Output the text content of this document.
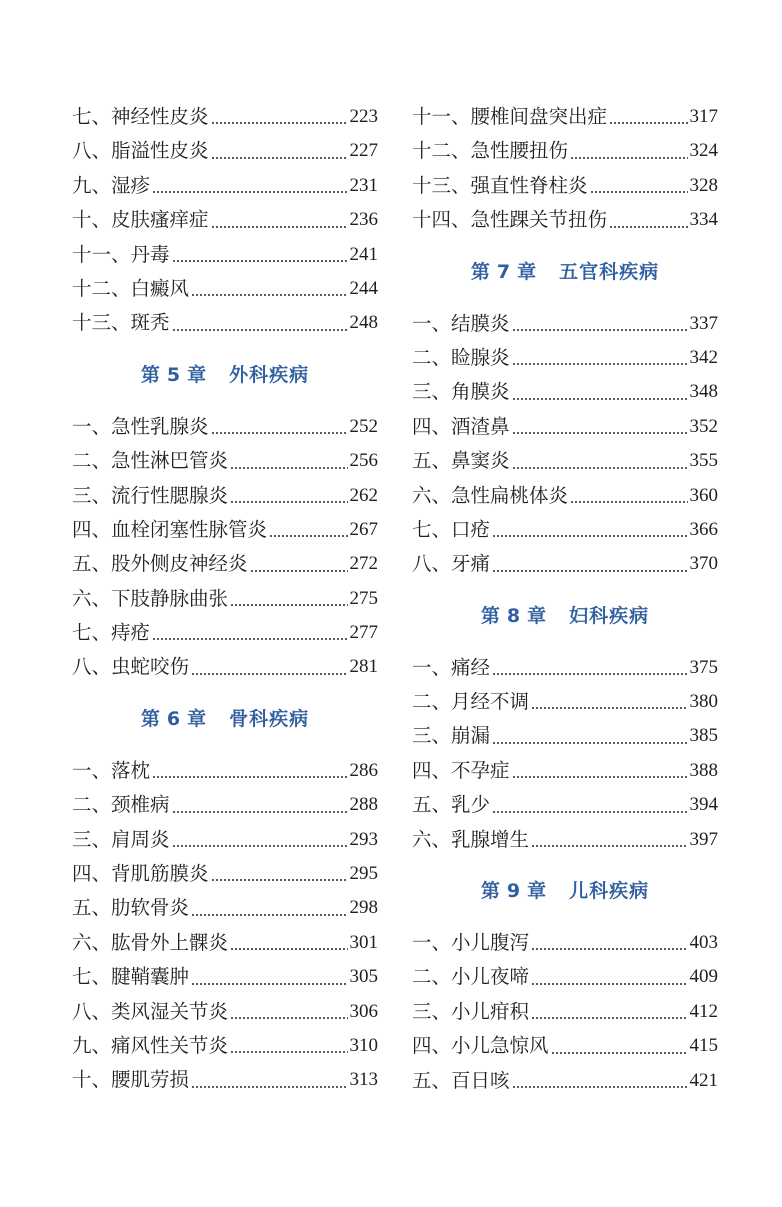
七、神经性皮炎	223
八、脂溢性皮炎	227
九、湿疹	231
十、皮肤瘙痒症	236
十一、丹毒	241
十二、白癜风	244
十三、斑秃	248
第 5 章 外科疾病
一、急性乳腺炎	252
二、急性淋巴管炎	256
三、流行性腮腺炎	262
四、血栓闭塞性脉管炎	267
五、股外侧皮神经炎	272
六、下肢静脉曲张	275
七、痔疮	277
八、虫蛇咬伤	281
第 6 章 骨科疾病
一、落枕	286
二、颈椎病	288
三、肩周炎	293
四、背肌筋膜炎	295
五、肋软骨炎	298
六、肱骨外上髁炎	301
七、腱鞘囊肿	305
八、类风湿关节炎	306
九、痛风性关节炎	310
十、腰肌劳损	313
十一、腰椎间盘突出症	317
十二、急性腰扭伤	324
十三、强直性脊柱炎	328
十四、急性踝关节扭伤	334
第 7 章 五官科疾病
一、结膜炎	337
二、睑腺炎	342
三、角膜炎	348
四、酒渣鼻	352
五、鼻窦炎	355
六、急性扁桃体炎	360
七、口疮	366
八、牙痛	370
第 8 章 妇科疾病
一、痛经	375
二、月经不调	380
三、崩漏	385
四、不孕症	388
五、乳少	394
六、乳腺增生	397
第 9 章 儿科疾病
一、小儿腹泻	403
二、小儿夜啼	409
三、小儿疳积	412
四、小儿急惊风	415
五、百日咳	421
